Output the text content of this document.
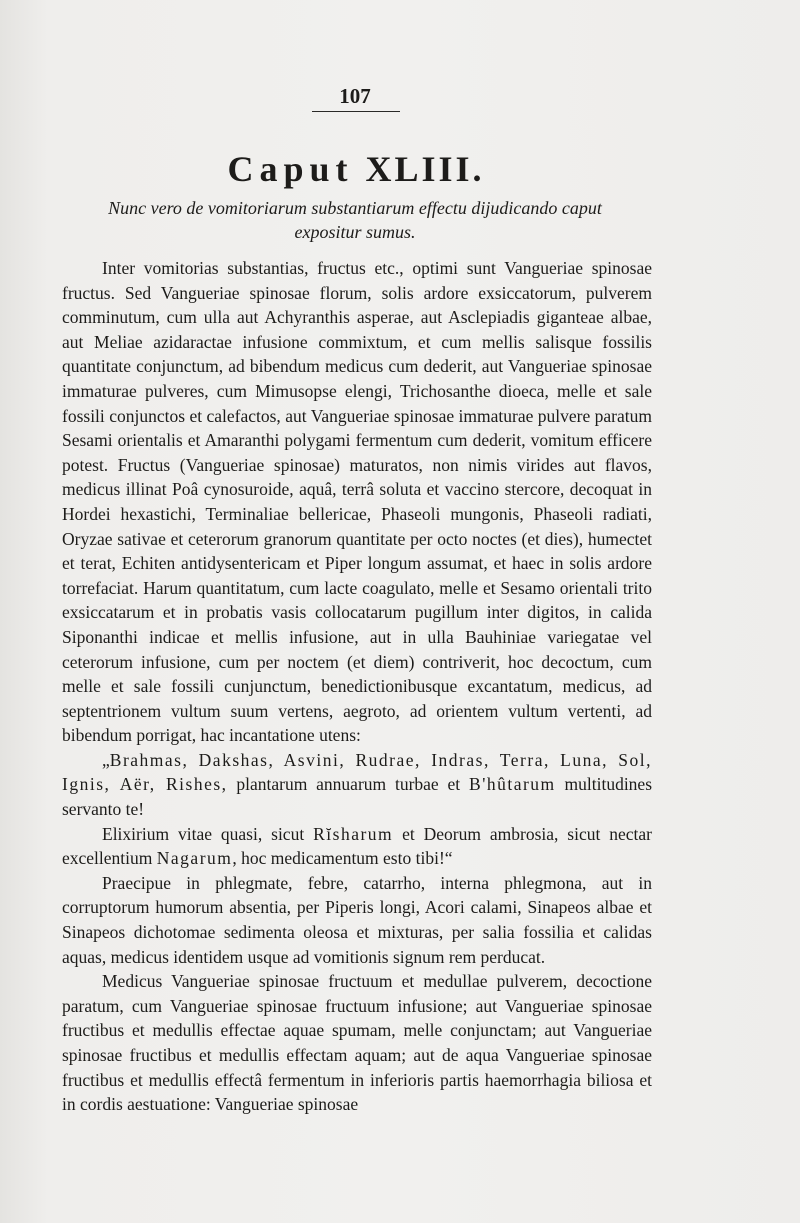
107
Caput XLIII.
Nunc vero de vomitoriarum substantiarum effectu dijudicando caput
expositur sumus.

Inter vomitorias substantias, fructus etc., optimi sunt Vangueriae spinosae fructus. Sed Vangueriae spinosae florum, solis ardore exsiccatorum, pulverem comminutum, cum ulla aut Achyranthis asperae, aut Asclepiadis giganteae albae, aut Meliae azidaractae infusione commixtum, et cum mellis salisque fossilis quantitate conjunctum, ad bibendum medicus cum dederit, aut Vangueriae spinosae immaturae pulveres, cum Mimusopse elengi, Trichosanthe dioeca, melle et sale fossili conjunctos et calefactos, aut Vangueriae spinosae immaturae pulvere paratum Sesami orientalis et Amaranthi polygami fermentum cum dederit, vomitum efficere potest. Fructus (Vangueriae spinosae) maturatos, non nimis virides aut flavos, medicus illinat Poâ cynosuroide, aquâ, terrâ soluta et vaccino stercore, decoquat in Hordei hexastichi, Terminaliae bellericae, Phaseoli mungonis, Phaseoli radiati, Oryzae sativae et ceterorum granorum quantitate per octo noctes (et dies), humectet et terat, Echiten antidysentericam et Piper longum assumat, et haec in solis ardore torrefaciat. Harum quantitatum, cum lacte coagulato, melle et Sesamo orientali trito exsiccatarum et in probatis vasis collocatarum pugillum inter digitos, in calida Siponanthi indicae et mellis infusione, aut in ulla Bauhiniae variegatae vel ceterorum infusione, cum per noctem (et diem) contriverit, hoc decoctum, cum melle et sale fossili cunjunctum, benedictionibusque excantatum, medicus, ad septentrionem vultum suum vertens, aegroto, ad orientem vultum vertenti, ad bibendum porrigat, hac incantatione utens:

„Brahmas, Dakshas, Asvini, Rudrae, Indras, Terra, Luna, Sol, Ignis, Aër, Rishes, plantarum annuarum turbae et B'hûtarum multitudines servanto te!

Elixirium vitae quasi, sicut Rĭsharum et Deorum ambrosia, sicut nectar excellentium Nagarum, hoc medicamentum esto tibi!“

Praecipue in phlegmate, febre, catarrho, interna phlegmona, aut in corruptorum humorum absentia, per Piperis longi, Acori calami, Sinapeos albae et Sinapeos dichotomae sedimenta oleosa et mixturas, per salia fossilia et calidas aquas, medicus identidem usque ad vomitionis signum rem perducat.

Medicus Vangueriae spinosae fructuum et medullae pulverem, decoctione paratum, cum Vangueriae spinosae fructuum infusione; aut Vangueriae spinosae fructibus et medullis effectae aquae spumam, melle conjunctam; aut Vangueriae spinosae fructibus et medullis effectam aquam; aut de aqua Vangueriae spinosae fructibus et medullis effectâ fermentum in inferioris partis haemorrhagia biliosa et in cordis aestuatione: Vangueriae spinosae
